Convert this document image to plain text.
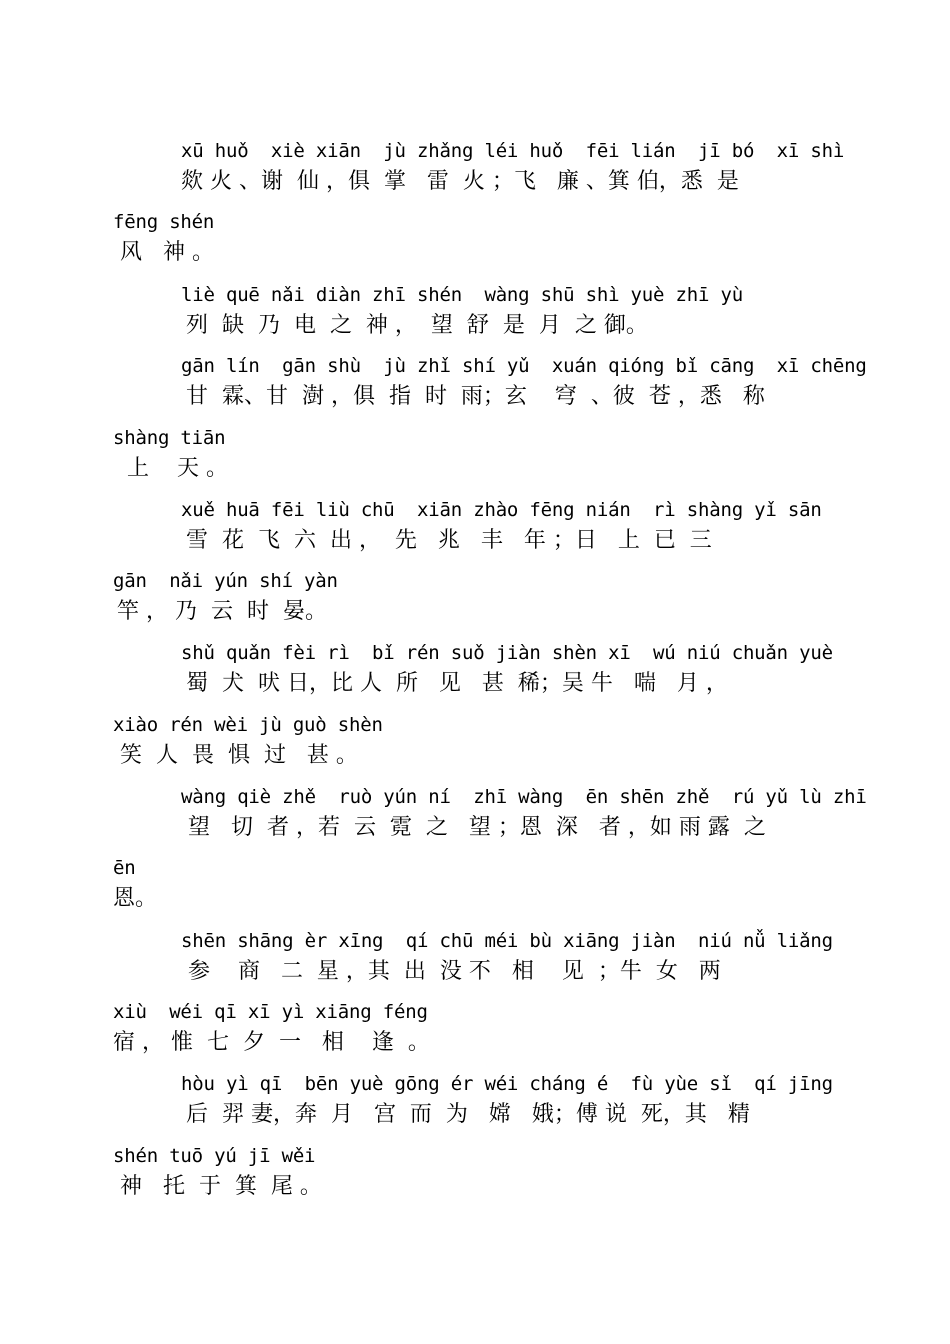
xū huǒ  xiè xiān  jù zhǎng léi huǒ  fēi lián  jī bó  xī shì
欻 火 、谢  仙 ，俱  掌   雷  火 ；飞   廉 、箕 伯，悉  是
fēng shén
风   神 。
liè quē nǎi diàn zhī shén  wàng shū shì yuè zhī yù
列  缺  乃  电  之  神 ，  望  舒  是  月  之 御。
gān lín  gān shù  jù zhǐ shí yǔ  xuán qióng bǐ cāng  xī chēng
甘  霖、甘  澍 ，俱  指  时  雨；玄    穹  、彼  苍 ，悉   称
shàng tiān
上    天 。
xuě huā fēi liù chū  xiān zhào fēng nián  rì shàng yǐ sān
雪  花  飞  六  出 ，  先   兆   丰   年 ；日   上  已  三
gān  nǎi yún shí yàn
竿 ， 乃  云  时  晏。
shǔ quǎn fèi rì  bǐ rén suǒ jiàn shèn xī  wú niú chuǎn yuè
蜀  犬  吠 日，比 人  所   见   甚  稀；吴 牛   喘   月 ，
xiào rén wèi jù guò shèn
笑  人  畏  惧  过   甚 。
wàng qiè zhě  ruò yún ní  zhī wàng  ēn shēn zhě  rú yǔ lù zhī
望   切  者 ，若  云  霓  之   望 ；恩  深   者 ，如 雨 露  之
ēn
恩。
shēn shāng èr xīng  qí chū méi bù xiāng jiàn  niú nǚ liǎng
参    商   二  星 ，其  出  没 不   相    见  ；牛  女   两
xiù  wéi qī xī yì xiāng féng
宿 ， 惟  七  夕  一   相    逢  。
hòu yì qī  bēn yuè gōng ér wéi cháng é  fù yùe sǐ  qí jīng
后  羿 妻，奔  月   宫  而  为   嫦   娥；傅 说  死，其   精
shén tuō yú jī wěi
神   托  于  箕  尾 。
